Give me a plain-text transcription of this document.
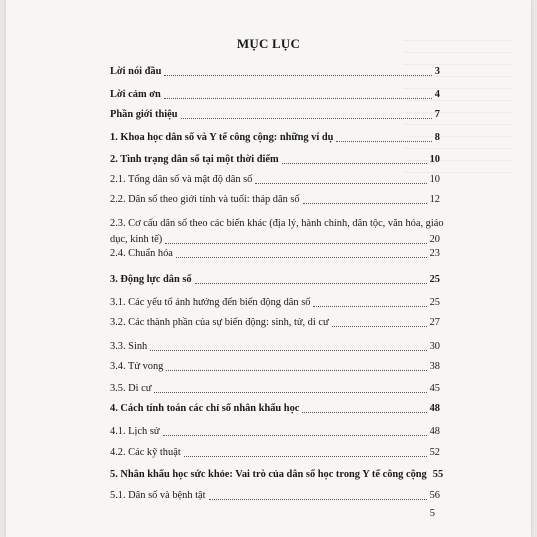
MỤC LỤC
Lời nói đầu	3
Lời cảm ơn	4
Phần giới thiệu	7
1. Khoa học dân số và Y tế công cộng: những ví dụ	8
2. Tình trạng dân số tại một thời điểm	10
2.1. Tổng dân số và mật độ dân số	10
2.2. Dân số theo giới tính và tuổi: tháp dân số	12
2.3. Cơ cấu dân số theo các biến khác (địa lý, hành chính, dân tộc, văn hóa, giáo
dục, kinh tế)	20
2.4. Chuẩn hóa	23
3. Động lực dân số	25
3.1. Các yếu tố ảnh hưởng đến biến động dân số	25
3.2. Các thành phần của sự biến động: sinh, tử, di cư	27
3.3. Sinh	30
3.4. Tử vong	38
3.5. Di cư	45
4. Cách tính toán các chỉ số nhân khẩu học	48
4.1. Lịch sử	48
4.2. Các kỹ thuật	52
5. Nhân khẩu học sức khỏe: Vai trò của dân số học trong Y tế công cộng 55
5.1. Dân số và bệnh tật	56
5
